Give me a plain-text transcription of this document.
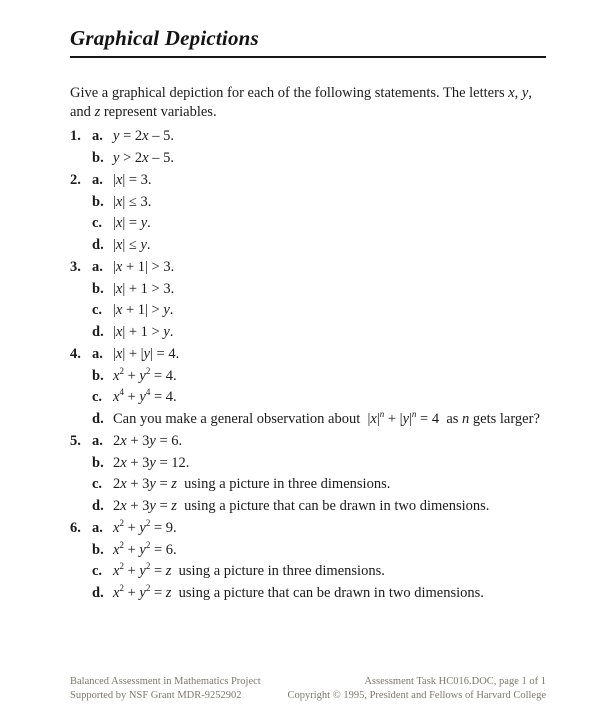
Graphical Depictions

Give a graphical depiction for each of the following statements. The letters x, y, and z represent variables.

1. a. y = 2x – 5.
b. y > 2x – 5.
2. a. |x| = 3.
b. |x| ≤ 3.
c. |x| = y.
d. |x| ≤ y.
3. a. |x + 1| > 3.
b. |x| + 1 > 3.
c. |x + 1| > y.
d. |x| + 1 > y.
4. a. |x| + |y| = 4.
b. $x^2 + y^2 = 4$.
c. $x^4 + y^4 = 4$.
d. Can you make a general observation about  $|x|^n + |y|^n = 4$  as n gets larger?
5. a. 2x + 3y = 6.
b. 2x + 3y = 12.
c. 2x + 3y = z  using a picture in three dimensions.
d. 2x + 3y = z  using a picture that can be drawn in two dimensions.
6. a. $x^2 + y^2 = 9$.
b. $x^2 + y^2 = 6$.
c. $x^2 + y^2 = z$  using a picture in three dimensions.
d. $x^2 + y^2 = z$  using a picture that can be drawn in two dimensions.
Balanced Assessment in Mathematics Project
Supported by NSF Grant MDR-9252902
Assessment Task HC016.DOC, page 1 of 1
Copyright © 1995, President and Fellows of Harvard College
